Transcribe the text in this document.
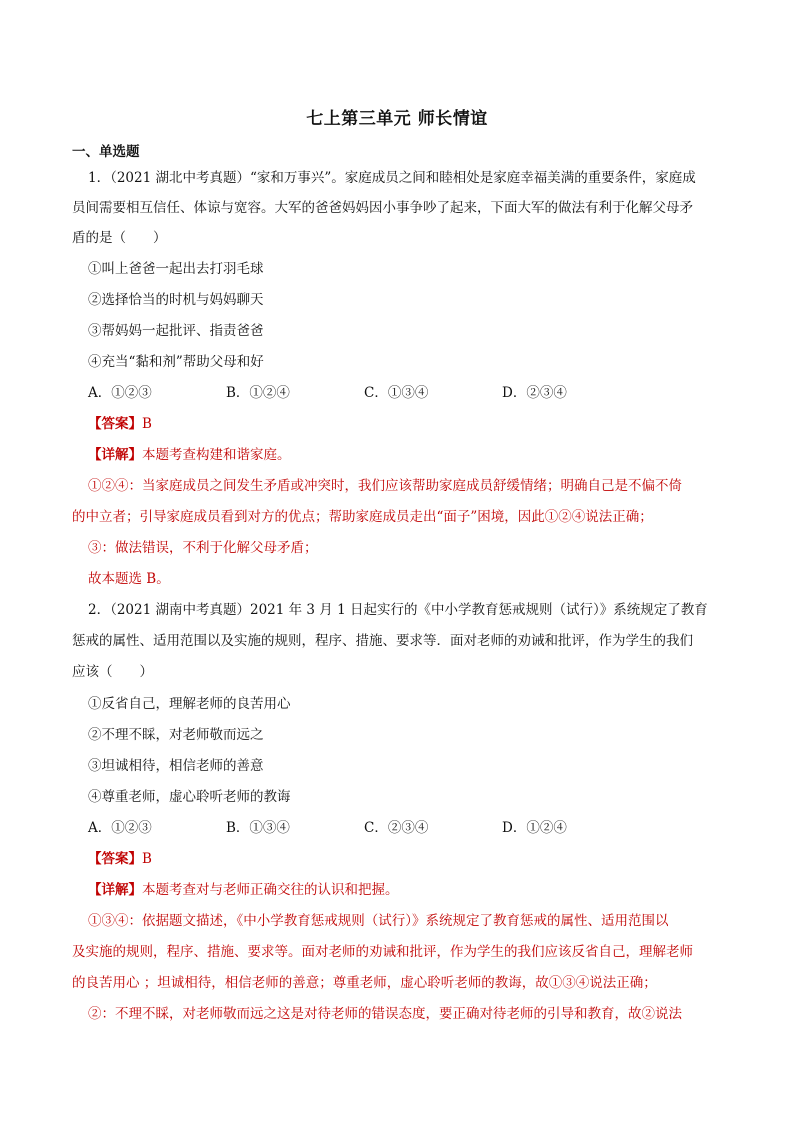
七上第三单元 师长情谊
一、单选题
1．（2021 湖北中考真题）“家和万事兴”。家庭成员之间和睦相处是家庭幸福美满的重要条件，家庭成
员间需要相互信任、体谅与宽容。大军的爸爸妈妈因小事争吵了起来，下面大军的做法有利于化解父母矛
盾的是（　　）
①叫上爸爸一起出去打羽毛球
②选择恰当的时机与妈妈聊天
③帮妈妈一起批评、指责爸爸
④充当“黏和剂”帮助父母和好
A．①②③	B．①②④	C．①③④	D．②③④
【答案】B
【详解】本题考查构建和谐家庭。
①②④：当家庭成员之间发生矛盾或冲突时，我们应该帮助家庭成员舒缓情绪；明确自己是不偏不倚
的中立者；引导家庭成员看到对方的优点；帮助家庭成员走出“面子”困境，因此①②④说法正确；
③：做法错误，不利于化解父母矛盾；
故本题选 B。
2．（2021 湖南中考真题）2021 年 3 月 1 日起实行的《中小学教育惩戒规则（试行）》系统规定了教育
惩戒的属性、适用范围以及实施的规则，程序、措施、要求等．面对老师的劝诫和批评，作为学生的我们
应该（　　）
①反省自己，理解老师的良苦用心
②不理不睬，对老师敬而远之
③坦诚相待，相信老师的善意
④尊重老师，虚心聆听老师的教诲
A．①②③	B．①③④	C．②③④	D．①②④
【答案】B
【详解】本题考查对与老师正确交往的认识和把握。
①③④：依据题文描述，《中小学教育惩戒规则（试行）》系统规定了教育惩戒的属性、适用范围以
及实施的规则，程序、措施、要求等。面对老师的劝诫和批评，作为学生的我们应该反省自己，理解老师
的良苦用心 ；坦诚相待，相信老师的善意；尊重老师，虚心聆听老师的教诲，故①③④说法正确；
②：不理不睬，对老师敬而远之这是对待老师的错误态度，要正确对待老师的引导和教育，故②说法
